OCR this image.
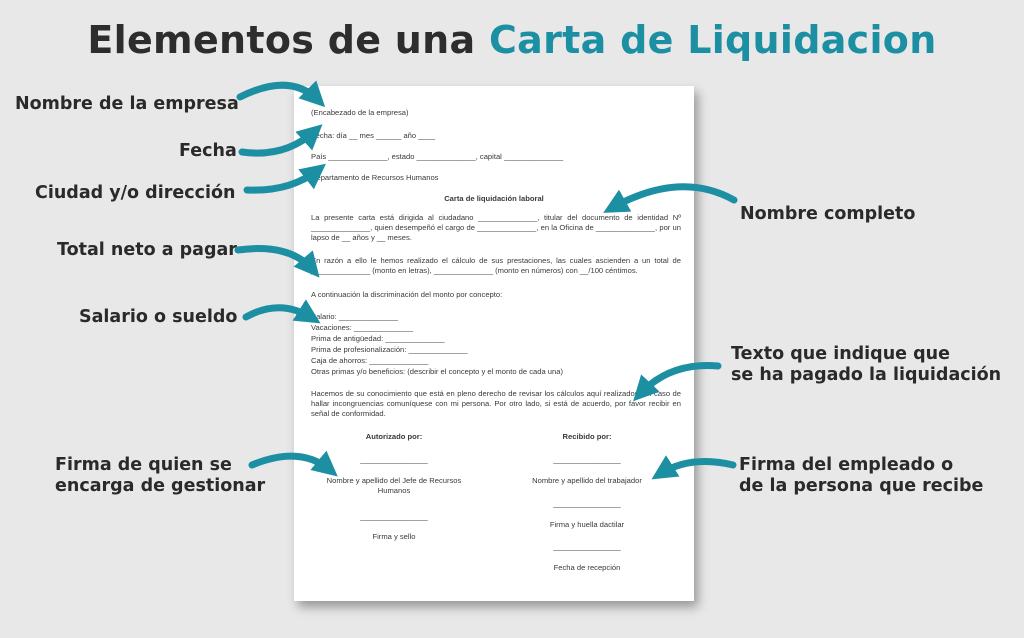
Elementos de una Carta de Liquidacion
(Encabezado de la empresa)
Fecha: día __ mes ______ año ____
País ______________, estado ______________, capital ______________
Departamento de Recursos Humanos
Carta de liquidación laboral
La presente carta está dirigida al ciudadano ______________, titular del documento de identidad Nº ______________, quien desempeñó el cargo de ______________, en la Oficina de ______________, por un lapso de __ años y __ meses.
En razón a ello le hemos realizado el cálculo de sus prestaciones, las cuales ascienden a un total de ______________ (monto en letras), ______________ (monto en números) con __/100 céntimos.
A continuación la discriminación del monto por concepto:
Salario: ______________
Vacaciones: ______________
Prima de antigüedad: ______________
Prima de profesionalización: ______________
Caja de ahorros: ______________
Otras primas y/o beneficios: (describir el concepto y el monto de cada una)
Hacemos de su conocimiento que está en pleno derecho de revisar los cálculos aquí realizados, en caso de hallar incongruencias comuníquese con mi persona. Por otro lado, si está de acuerdo, por favor recibir en señal de conformidad.
Autorizado por:
________________
Nombre y apellido del Jefe de Recursos
Humanos
________________
Firma y sello
Recibido por:
________________
Nombre y apellido del trabajador
________________
Firma y huella dactilar
________________
Fecha de recepción
Nombre de la empresa
Fecha
Ciudad y/o dirección
Total neto a pagar
Salario o sueldo
Firma de quien se
encarga de gestionar
Nombre completo
Texto que indique que
se ha pagado la liquidación
Firma del empleado o
de la persona que recibe
